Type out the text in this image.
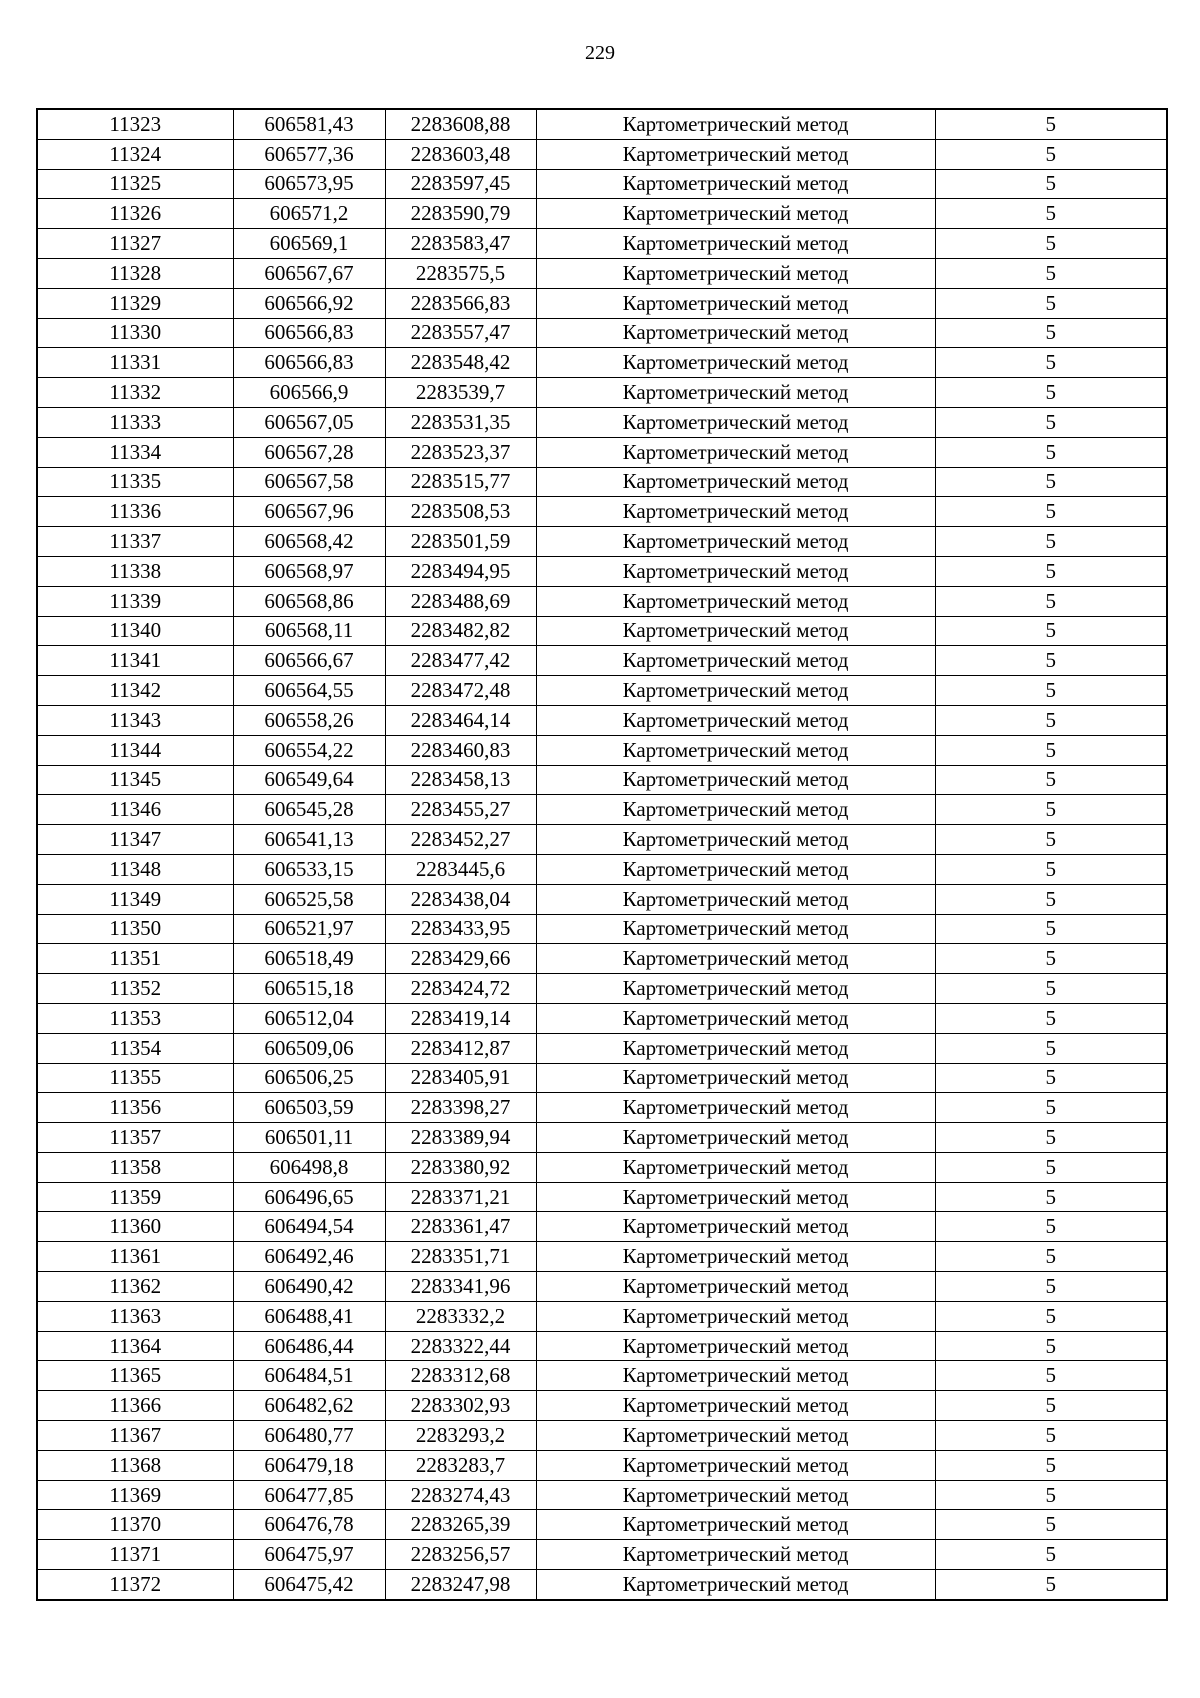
229
11323	606581,43	2283608,88	Картометрический метод	5
11324	606577,36	2283603,48	Картометрический метод	5
11325	606573,95	2283597,45	Картометрический метод	5
11326	606571,2	2283590,79	Картометрический метод	5
11327	606569,1	2283583,47	Картометрический метод	5
11328	606567,67	2283575,5	Картометрический метод	5
11329	606566,92	2283566,83	Картометрический метод	5
11330	606566,83	2283557,47	Картометрический метод	5
11331	606566,83	2283548,42	Картометрический метод	5
11332	606566,9	2283539,7	Картометрический метод	5
11333	606567,05	2283531,35	Картометрический метод	5
11334	606567,28	2283523,37	Картометрический метод	5
11335	606567,58	2283515,77	Картометрический метод	5
11336	606567,96	2283508,53	Картометрический метод	5
11337	606568,42	2283501,59	Картометрический метод	5
11338	606568,97	2283494,95	Картометрический метод	5
11339	606568,86	2283488,69	Картометрический метод	5
11340	606568,11	2283482,82	Картометрический метод	5
11341	606566,67	2283477,42	Картометрический метод	5
11342	606564,55	2283472,48	Картометрический метод	5
11343	606558,26	2283464,14	Картометрический метод	5
11344	606554,22	2283460,83	Картометрический метод	5
11345	606549,64	2283458,13	Картометрический метод	5
11346	606545,28	2283455,27	Картометрический метод	5
11347	606541,13	2283452,27	Картометрический метод	5
11348	606533,15	2283445,6	Картометрический метод	5
11349	606525,58	2283438,04	Картометрический метод	5
11350	606521,97	2283433,95	Картометрический метод	5
11351	606518,49	2283429,66	Картометрический метод	5
11352	606515,18	2283424,72	Картометрический метод	5
11353	606512,04	2283419,14	Картометрический метод	5
11354	606509,06	2283412,87	Картометрический метод	5
11355	606506,25	2283405,91	Картометрический метод	5
11356	606503,59	2283398,27	Картометрический метод	5
11357	606501,11	2283389,94	Картометрический метод	5
11358	606498,8	2283380,92	Картометрический метод	5
11359	606496,65	2283371,21	Картометрический метод	5
11360	606494,54	2283361,47	Картометрический метод	5
11361	606492,46	2283351,71	Картометрический метод	5
11362	606490,42	2283341,96	Картометрический метод	5
11363	606488,41	2283332,2	Картометрический метод	5
11364	606486,44	2283322,44	Картометрический метод	5
11365	606484,51	2283312,68	Картометрический метод	5
11366	606482,62	2283302,93	Картометрический метод	5
11367	606480,77	2283293,2	Картометрический метод	5
11368	606479,18	2283283,7	Картометрический метод	5
11369	606477,85	2283274,43	Картометрический метод	5
11370	606476,78	2283265,39	Картометрический метод	5
11371	606475,97	2283256,57	Картометрический метод	5
11372	606475,42	2283247,98	Картометрический метод	5
